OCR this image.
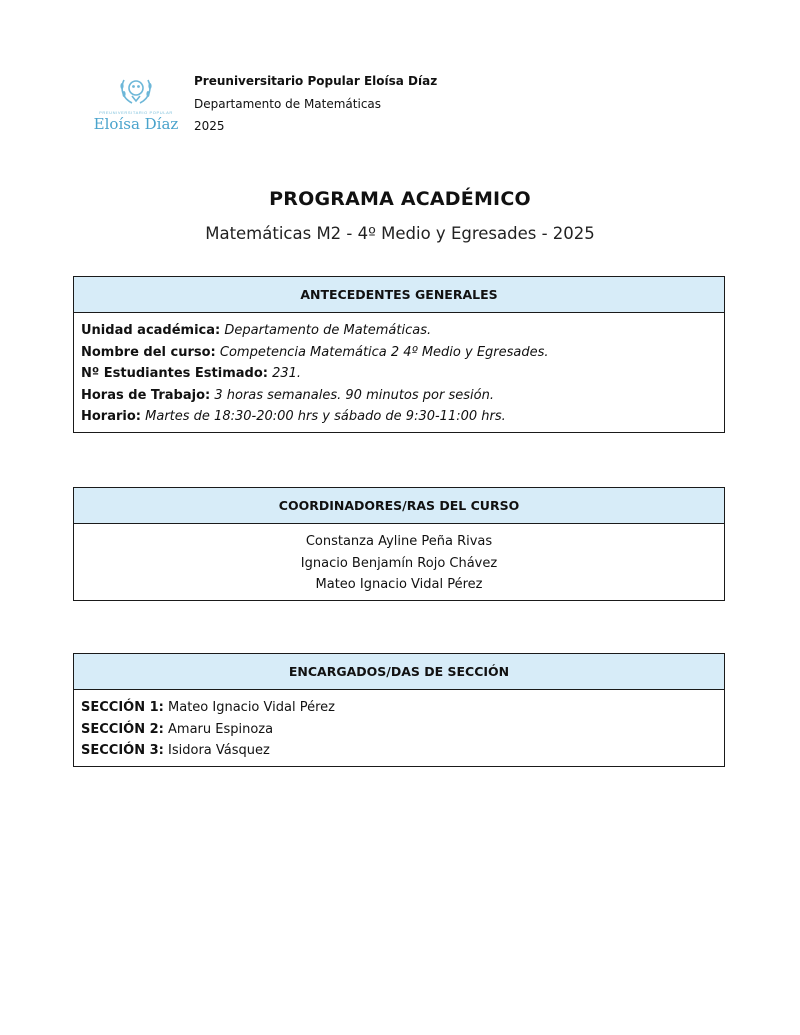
PREUNIVERSITARIO POPULAR
Eloísa Díaz
Preuniversitario Popular Eloísa Díaz
Departamento de Matemáticas
2025
PROGRAMA ACADÉMICO
Matemáticas M2 - 4º Medio y Egresades - 2025
ANTECEDENTES GENERALES
Unidad académica: Departamento de Matemáticas.
Nombre del curso: Competencia Matemática 2 4º Medio y Egresades.
Nº Estudiantes Estimado: 231.
Horas de Trabajo: 3 horas semanales. 90 minutos por sesión.
Horario: Martes de 18:30-20:00 hrs y sábado de 9:30-11:00 hrs.
COORDINADORES/RAS DEL CURSO
Constanza Ayline Peña Rivas
Ignacio Benjamín Rojo Chávez
Mateo Ignacio Vidal Pérez
ENCARGADOS/DAS DE SECCIÓN
SECCIÓN 1: Mateo Ignacio Vidal Pérez
SECCIÓN 2: Amaru Espinoza
SECCIÓN 3: Isidora Vásquez
